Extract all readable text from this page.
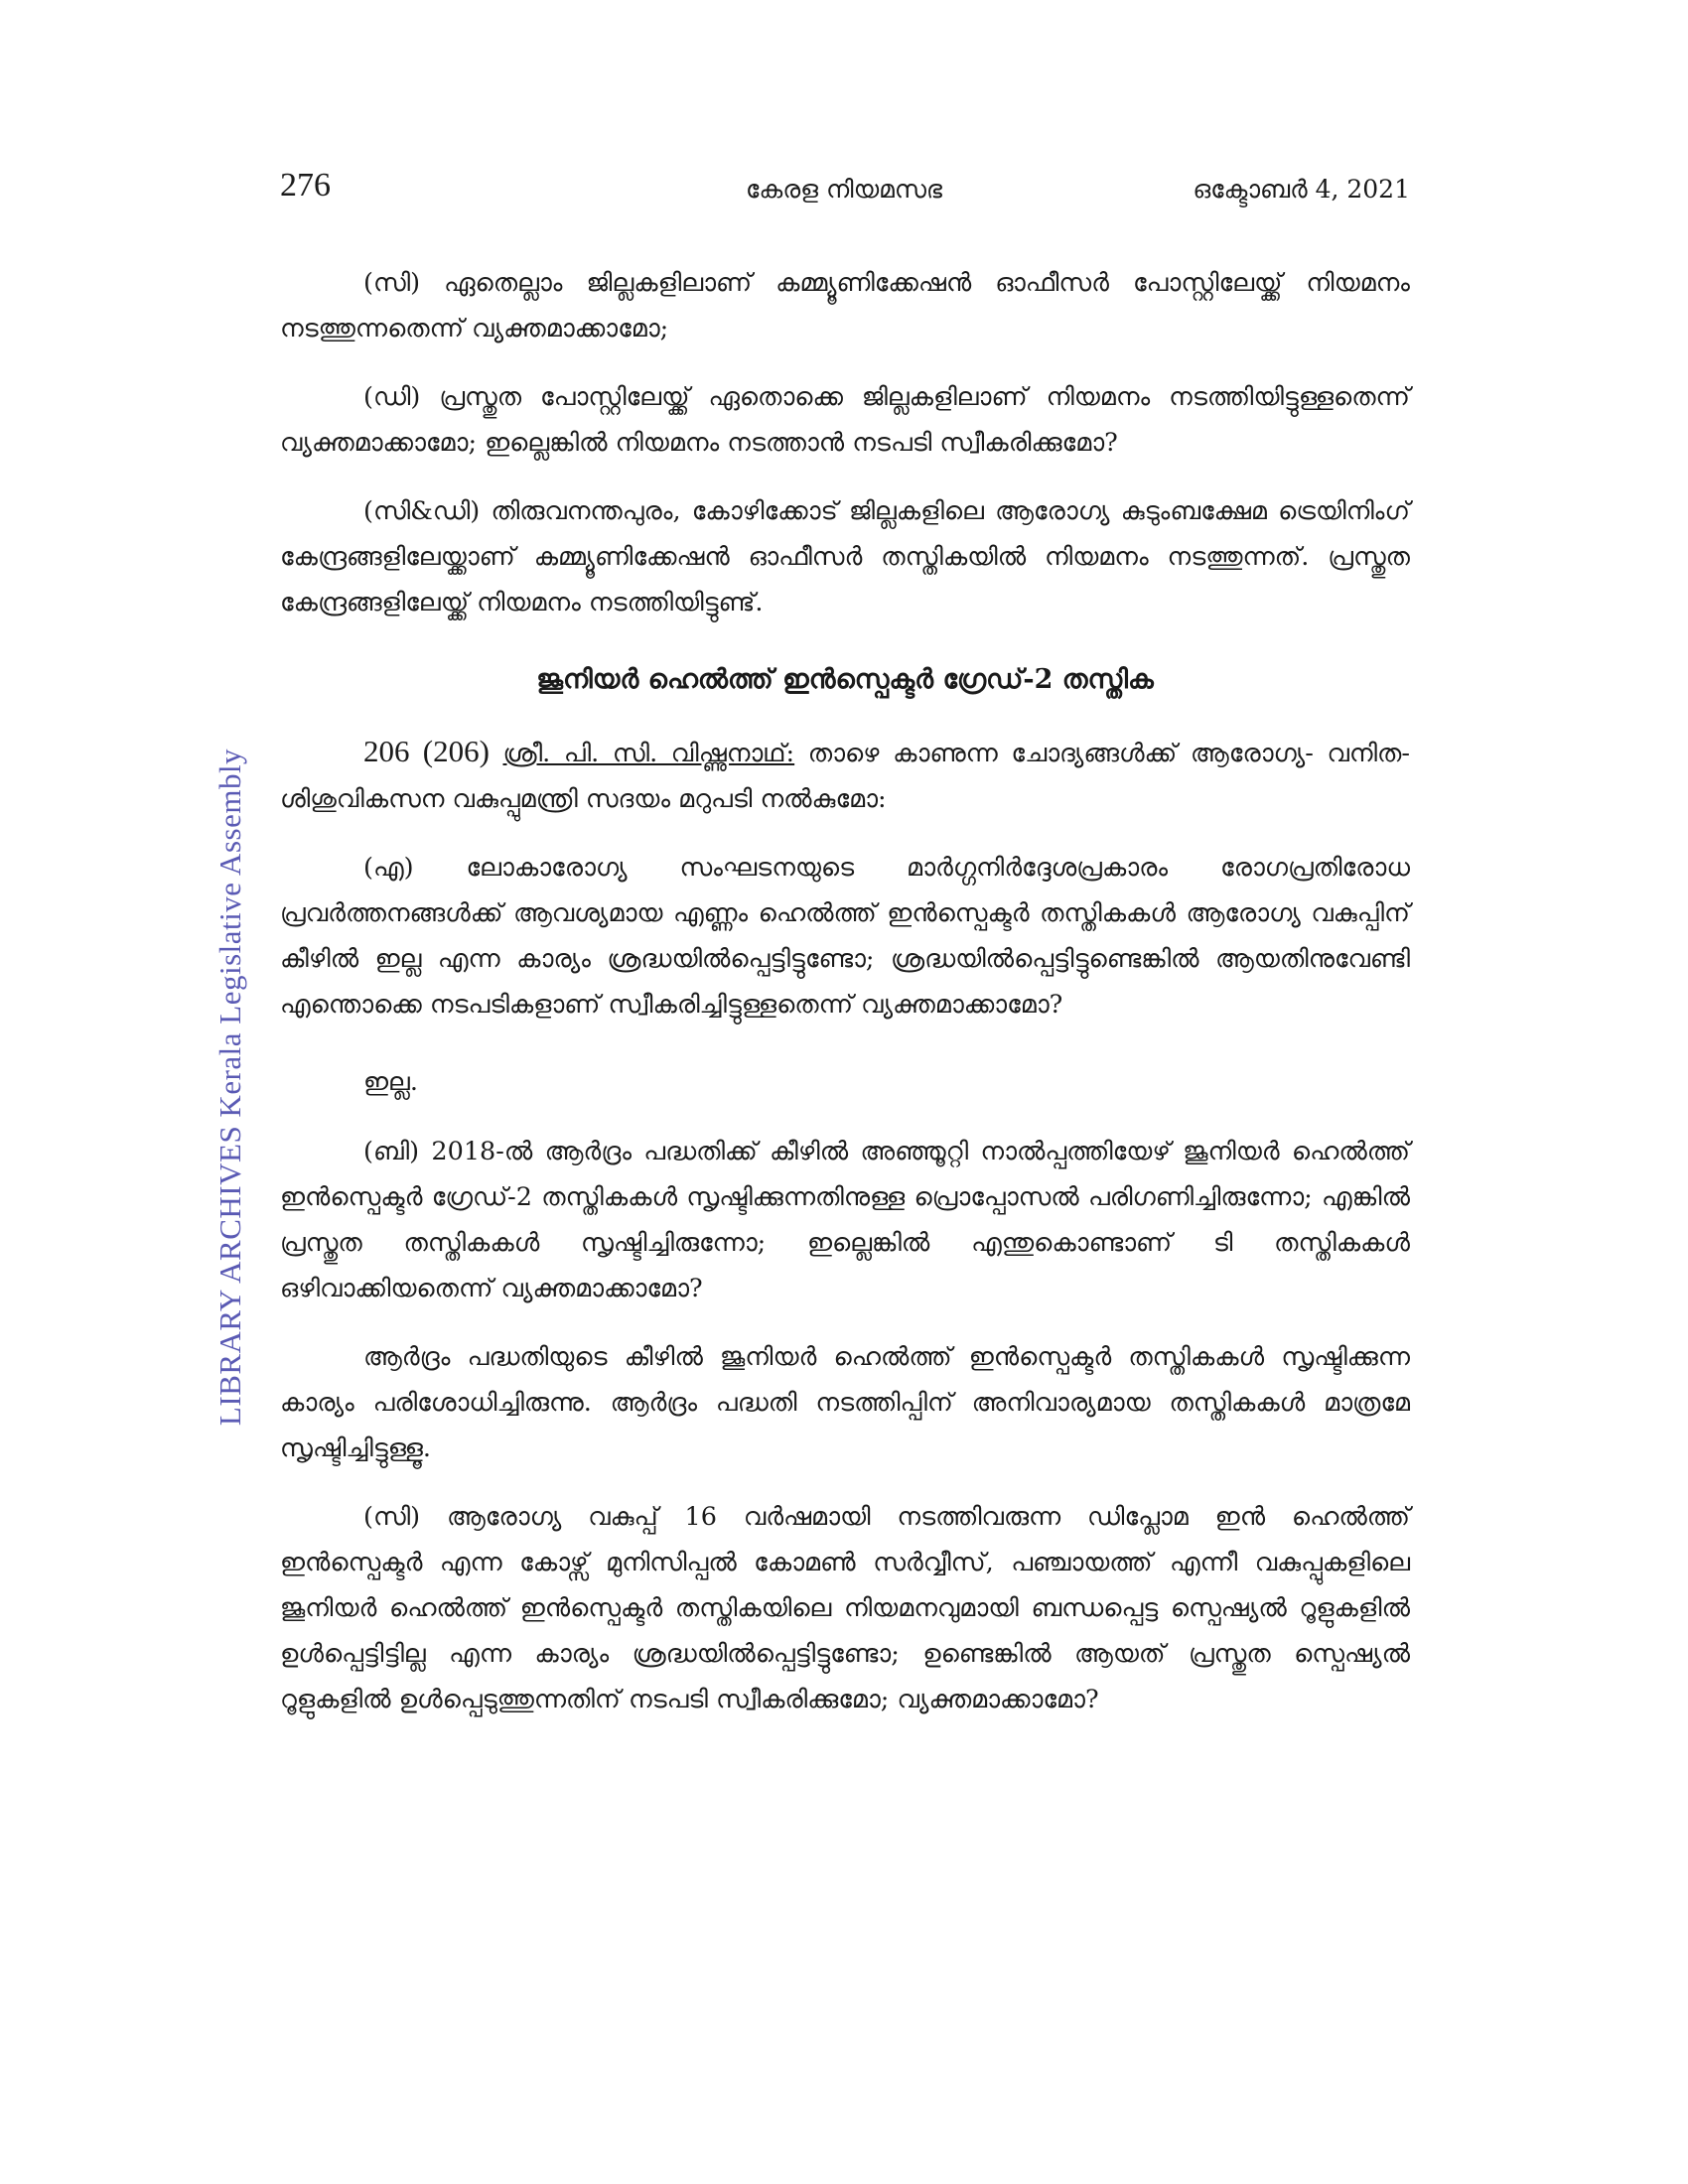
276	കേരള നിയമസഭ	ഒക്ടോബർ 4, 2021
LIBRARY ARCHIVES Kerala Legislative Assembly

(സി) ഏതെല്ലാം ജില്ലകളിലാണ് കമ്മ്യൂണിക്കേഷൻ ഓഫീസർ പോസ്റ്റിലേയ്ക്ക് നിയമനം നടത്തുന്നതെന്ന് വ്യക്തമാക്കാമോ;

(ഡി) പ്രസ്തുത പോസ്റ്റിലേയ്ക്ക് ഏതൊക്കെ ജില്ലകളിലാണ് നിയമനം നടത്തിയിട്ടുള്ളതെന്ന് വ്യക്തമാക്കാമോ; ഇല്ലെങ്കിൽ നിയമനം നടത്താൻ നടപടി സ്വീകരിക്കുമോ?

(സി&ഡി) തിരുവനന്തപുരം, കോഴിക്കോട് ജില്ലകളിലെ ആരോഗ്യ കുടുംബക്ഷേമ ട്രെയിനിംഗ് കേന്ദ്രങ്ങളിലേയ്ക്കാണ് കമ്മ്യൂണിക്കേഷൻ ഓഫീസർ തസ്തികയിൽ നിയമനം നടത്തുന്നത്. പ്രസ്തുത കേന്ദ്രങ്ങളിലേയ്ക്ക് നിയമനം നടത്തിയിട്ടുണ്ട്.

ജൂനിയർ ഹെൽത്ത് ഇൻസ്പെക്ടർ ഗ്രേഡ്-2 തസ്തിക

206 (206) ശ്രീ. പി. സി. വിഷ്ണുനാഥ്: താഴെ കാണുന്ന ചോദ്യങ്ങൾക്ക് ആരോഗ്യ- വനിത-ശിശുവികസന വകുപ്പുമന്ത്രി സദയം മറുപടി നൽകുമോ:

(എ) ലോകാരോഗ്യ സംഘടനയുടെ മാർഗ്ഗനിർദ്ദേശപ്രകാരം രോഗപ്രതിരോധ പ്രവർത്തനങ്ങൾക്ക് ആവശ്യമായ എണ്ണം ഹെൽത്ത് ഇൻസ്പെക്ടർ തസ്തികകൾ ആരോഗ്യ വകുപ്പിന് കീഴിൽ ഇല്ല എന്ന കാര്യം ശ്രദ്ധയിൽപ്പെട്ടിട്ടുണ്ടോ; ശ്രദ്ധയിൽപ്പെട്ടിട്ടുണ്ടെങ്കിൽ ആയതിനുവേണ്ടി എന്തൊക്കെ നടപടികളാണ് സ്വീകരിച്ചിട്ടുള്ളതെന്ന് വ്യക്തമാക്കാമോ?

ഇല്ല.

(ബി) 2018-ൽ ആർദ്രം പദ്ധതിക്ക് കീഴിൽ അഞ്ഞൂറ്റി നാൽപ്പത്തിയേഴ് ജൂനിയർ ഹെൽത്ത് ഇൻസ്പെക്ടർ ഗ്രേഡ്-2 തസ്തികകൾ സൃഷ്ടിക്കുന്നതിനുള്ള പ്രൊപ്പോസൽ പരിഗണിച്ചിരുന്നോ; എങ്കിൽ പ്രസ്തുത തസ്തികകൾ സൃഷ്ടിച്ചിരുന്നോ; ഇല്ലെങ്കിൽ എന്തുകൊണ്ടാണ് ടി തസ്തികകൾ ഒഴിവാക്കിയതെന്ന് വ്യക്തമാക്കാമോ?

ആർദ്രം പദ്ധതിയുടെ കീഴിൽ ജൂനിയർ ഹെൽത്ത് ഇൻസ്പെക്ടർ തസ്തികകൾ സൃഷ്ടിക്കുന്ന കാര്യം പരിശോധിച്ചിരുന്നു. ആർദ്രം പദ്ധതി നടത്തിപ്പിന് അനിവാര്യമായ തസ്തികകൾ മാത്രമേ സൃഷ്ടിച്ചിട്ടുള്ളൂ.

(സി) ആരോഗ്യ വകുപ്പ് 16 വർഷമായി നടത്തിവരുന്ന ഡിപ്ലോമ ഇൻ ഹെൽത്ത് ഇൻസ്പെക്ടർ എന്ന കോഴ്സ് മുനിസിപ്പൽ കോമൺ സർവ്വീസ്, പഞ്ചായത്ത് എന്നീ വകുപ്പുകളിലെ ജൂനിയർ ഹെൽത്ത് ഇൻസ്പെക്ടർ തസ്തികയിലെ നിയമനവുമായി ബന്ധപ്പെട്ട സ്പെഷ്യൽ റൂളുകളിൽ ഉൾപ്പെട്ടിട്ടില്ല എന്ന കാര്യം ശ്രദ്ധയിൽപ്പെട്ടിട്ടുണ്ടോ; ഉണ്ടെങ്കിൽ ആയത് പ്രസ്തുത സ്പെഷ്യൽ റൂളുകളിൽ ഉൾപ്പെടുത്തുന്നതിന് നടപടി സ്വീകരിക്കുമോ; വ്യക്തമാക്കാമോ?
